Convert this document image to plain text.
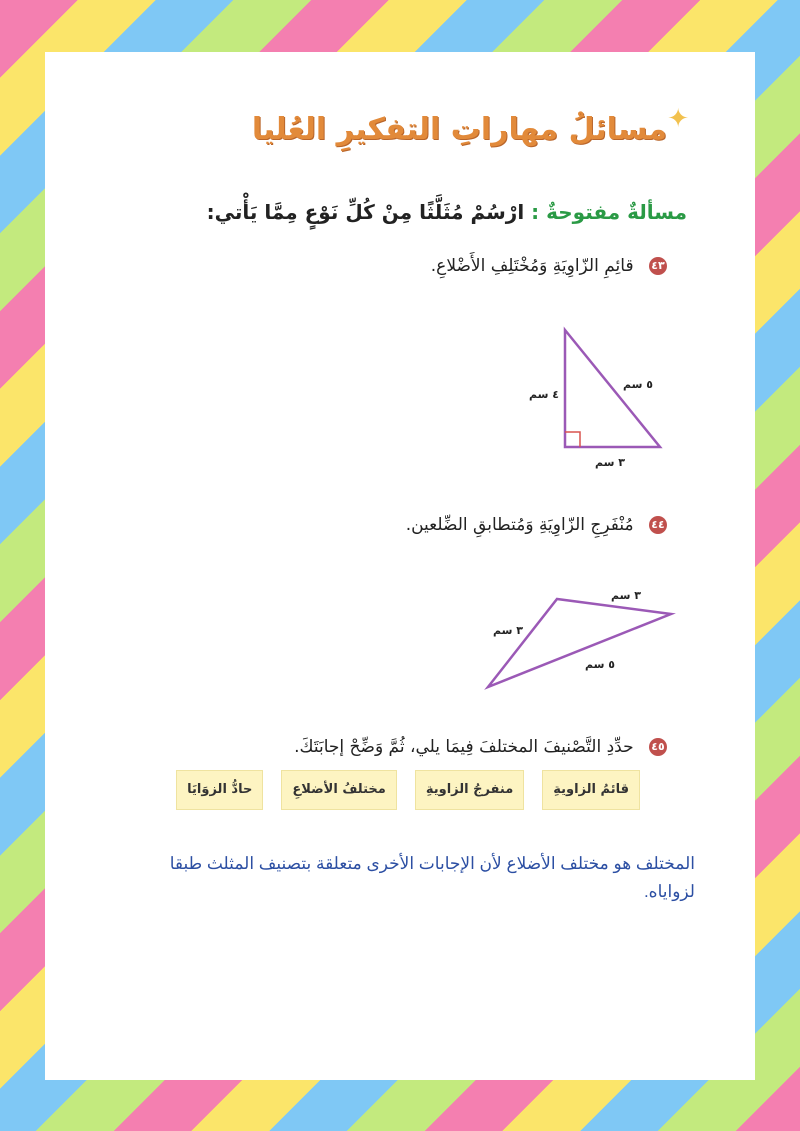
✦
مسائلُ مهاراتِ التفكيرِ العُليا
مسألةٌ مفتوحةٌ : ارْسُمْ مُثَلَّثًا مِنْ كُلِّ نَوْعٍ مِمَّا يَأْتي:
٤٣ قائِمِ الزّاوِيَةِ وَمُخْتَلِفِ الأَضْلاعِ.
٤ سم
٥ سم
٣ سم
٤٤ مُنْفَرِجِ الزّاوِيَةِ وَمُتطابقِ الضِّلعين.
٣ سم
٣ سم
٥ سم
٤٥ حدِّدِ التَّصْنيفَ المختلفَ فِيمَا يلي، ثُمَّ وَضِّحْ إجابَتَكَ.
قائمُ الزاويةِ
منفرجُ الزاويةِ
مختلفُ الأضلاعِ
حادُّ الزوَايَا
المختلف هو مختلف الأضلاع لأن الإجابات الأخرى متعلقة بتصنيف المثلث طبقا لزواياه.
